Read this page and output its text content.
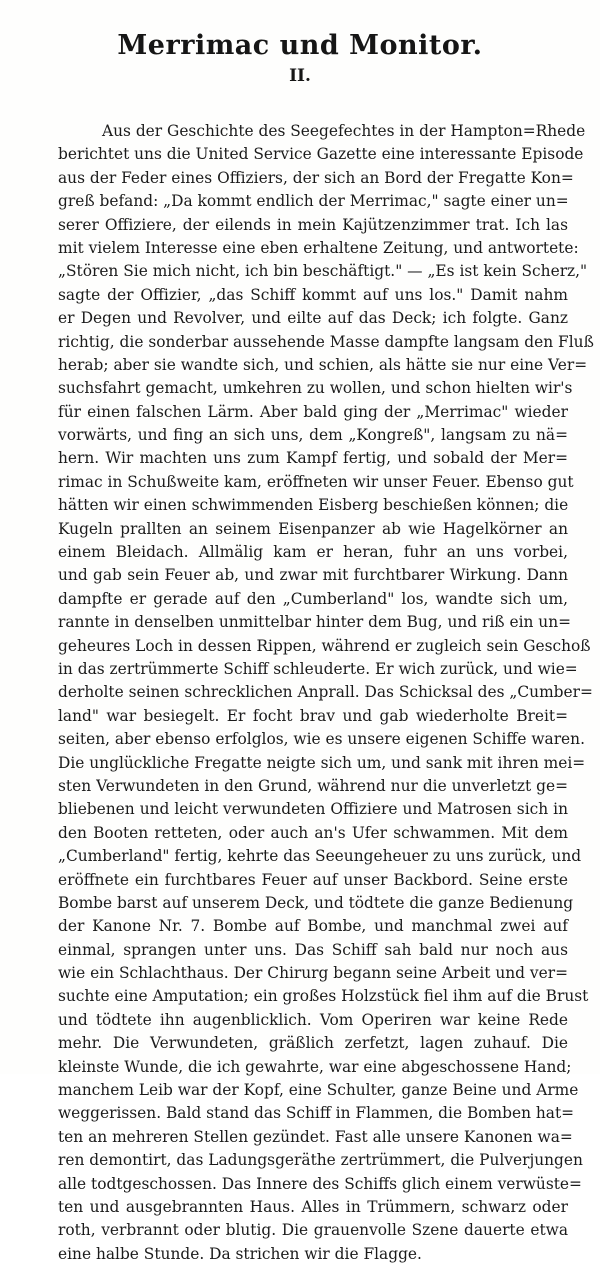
Merrimac und Monitor.
II.
Aus der Geschichte des Seegefechtes in der Hampton=Rhede
berichtet uns die United Service Gazette eine interessante Episode
aus der Feder eines Offiziers, der sich an Bord der Fregatte Kon=
greß befand: „Da kommt endlich der Merrimac," sagte einer un=
serer Offiziere, der eilends in mein Kajützenzimmer trat. Ich las
mit vielem Interesse eine eben erhaltene Zeitung, und antwortete:
„Stören Sie mich nicht, ich bin beschäftigt." — „Es ist kein Scherz,"
sagte der Offizier, „das Schiff kommt auf uns los." Damit nahm
er Degen und Revolver, und eilte auf das Deck; ich folgte. Ganz
richtig, die sonderbar aussehende Masse dampfte langsam den Fluß
herab; aber sie wandte sich, und schien, als hätte sie nur eine Ver=
suchsfahrt gemacht, umkehren zu wollen, und schon hielten wir's
für einen falschen Lärm. Aber bald ging der „Merrimac" wieder
vorwärts, und fing an sich uns, dem „Kongreß", langsam zu nä=
hern. Wir machten uns zum Kampf fertig, und sobald der Mer=
rimac in Schußweite kam, eröffneten wir unser Feuer. Ebenso gut
hätten wir einen schwimmenden Eisberg beschießen können; die
Kugeln prallten an seinem Eisenpanzer ab wie Hagelkörner an
einem Bleidach. Allmälig kam er heran, fuhr an uns vorbei,
und gab sein Feuer ab, und zwar mit furchtbarer Wirkung. Dann
dampfte er gerade auf den „Cumberland" los, wandte sich um,
rannte in denselben unmittelbar hinter dem Bug, und riß ein un=
geheures Loch in dessen Rippen, während er zugleich sein Geschoß
in das zertrümmerte Schiff schleuderte. Er wich zurück, und wie=
derholte seinen schrecklichen Anprall. Das Schicksal des „Cumber=
land" war besiegelt. Er focht brav und gab wiederholte Breit=
seiten, aber ebenso erfolglos, wie es unsere eigenen Schiffe waren.
Die unglückliche Fregatte neigte sich um, und sank mit ihren mei=
sten Verwundeten in den Grund, während nur die unverletzt ge=
bliebenen und leicht verwundeten Offiziere und Matrosen sich in
den Booten retteten, oder auch an's Ufer schwammen. Mit dem
„Cumberland" fertig, kehrte das Seeungeheuer zu uns zurück, und
eröffnete ein furchtbares Feuer auf unser Backbord. Seine erste
Bombe barst auf unserem Deck, und tödtete die ganze Bedienung
der Kanone Nr. 7. Bombe auf Bombe, und manchmal zwei auf
einmal, sprangen unter uns. Das Schiff sah bald nur noch aus
wie ein Schlachthaus. Der Chirurg begann seine Arbeit und ver=
suchte eine Amputation; ein großes Holzstück fiel ihm auf die Brust
und tödtete ihn augenblicklich. Vom Operiren war keine Rede
mehr. Die Verwundeten, gräßlich zerfetzt, lagen zuhauf. Die
kleinste Wunde, die ich gewahrte, war eine abgeschossene Hand;
manchem Leib war der Kopf, eine Schulter, ganze Beine und Arme
weggerissen. Bald stand das Schiff in Flammen, die Bomben hat=
ten an mehreren Stellen gezündet. Fast alle unsere Kanonen wa=
ren demontirt, das Ladungsgeräthe zertrümmert, die Pulverjungen
alle todtgeschossen. Das Innere des Schiffs glich einem verwüste=
ten und ausgebrannten Haus. Alles in Trümmern, schwarz oder
roth, verbrannt oder blutig. Die grauenvolle Szene dauerte etwa
eine halbe Stunde. Da strichen wir die Flagge.
